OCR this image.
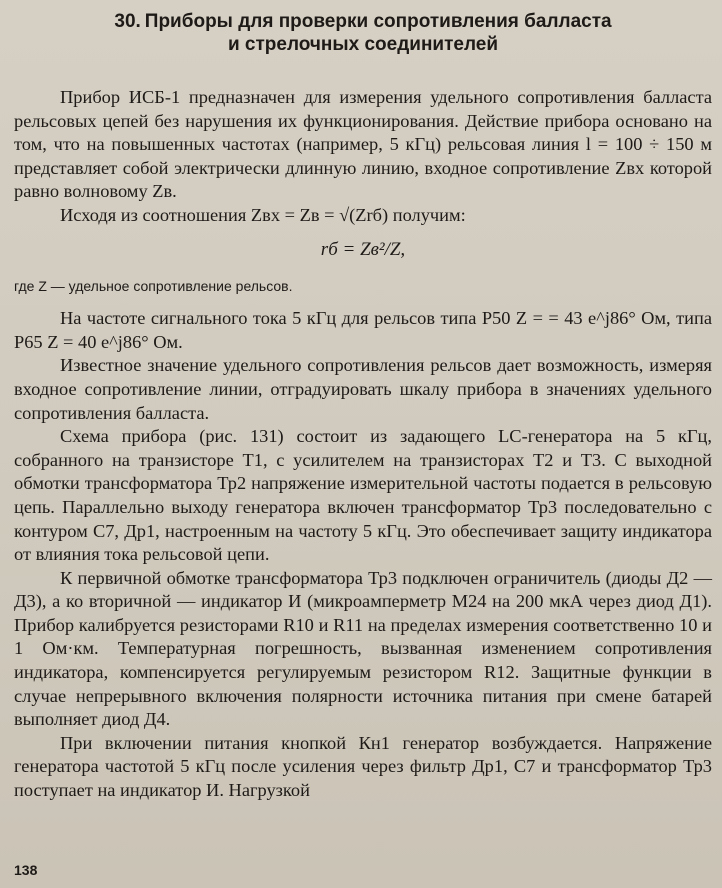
30. Приборы для проверки сопротивления балласта
и стрелочных соединителей

Прибор ИСБ-1 предназначен для измерения удельного сопротивления балласта рельсовых цепей без нарушения их функционирования. Действие прибора основано на том, что на повышенных частотах (например, 5 кГц) рельсовая линия l = 100 ÷ 150 м представляет собой электрически длинную линию, входное сопротивление Zвх которой равно волновому Zв.

Исходя из соотношения Zвх = Zв = √(Zrб) получим:

rб = Zв²/Z,

где Z — удельное сопротивление рельсов.

На частоте сигнального тока 5 кГц для рельсов типа Р50 Z = = 43 e^j86° Ом, типа Р65 Z = 40 e^j86° Ом.

Известное значение удельного сопротивления рельсов дает возможность, измеряя входное сопротивление линии, отградуировать шкалу прибора в значениях удельного сопротивления балласта.

Схема прибора (рис. 131) состоит из задающего LC-генератора на 5 кГц, собранного на транзисторе T1, с усилителем на транзисторах T2 и T3. С выходной обмотки трансформатора Тр2 напряжение измерительной частоты подается в рельсовую цепь. Параллельно выходу генератора включен трансформатор Тр3 последовательно с контуром C7, Др1, настроенным на частоту 5 кГц. Это обеспечивает защиту индикатора от влияния тока рельсовой цепи.

К первичной обмотке трансформатора Тр3 подключен ограничитель (диоды Д2 — Д3), а ко вторичной — индикатор И (микроамперметр М24 на 200 мкА через диод Д1). Прибор калибруется резисторами R10 и R11 на пределах измерения соответственно 10 и 1 Ом·км. Температурная погрешность, вызванная изменением сопротивления индикатора, компенсируется регулируемым резистором R12. Защитные функции в случае непрерывного включения полярности источника питания при смене батарей выполняет диод Д4.

При включении питания кнопкой Кн1 генератор возбуждается. Напряжение генератора частотой 5 кГц после усиления через фильтр Др1, С7 и трансформатор Тр3 поступает на индикатор И. Нагрузкой

138
